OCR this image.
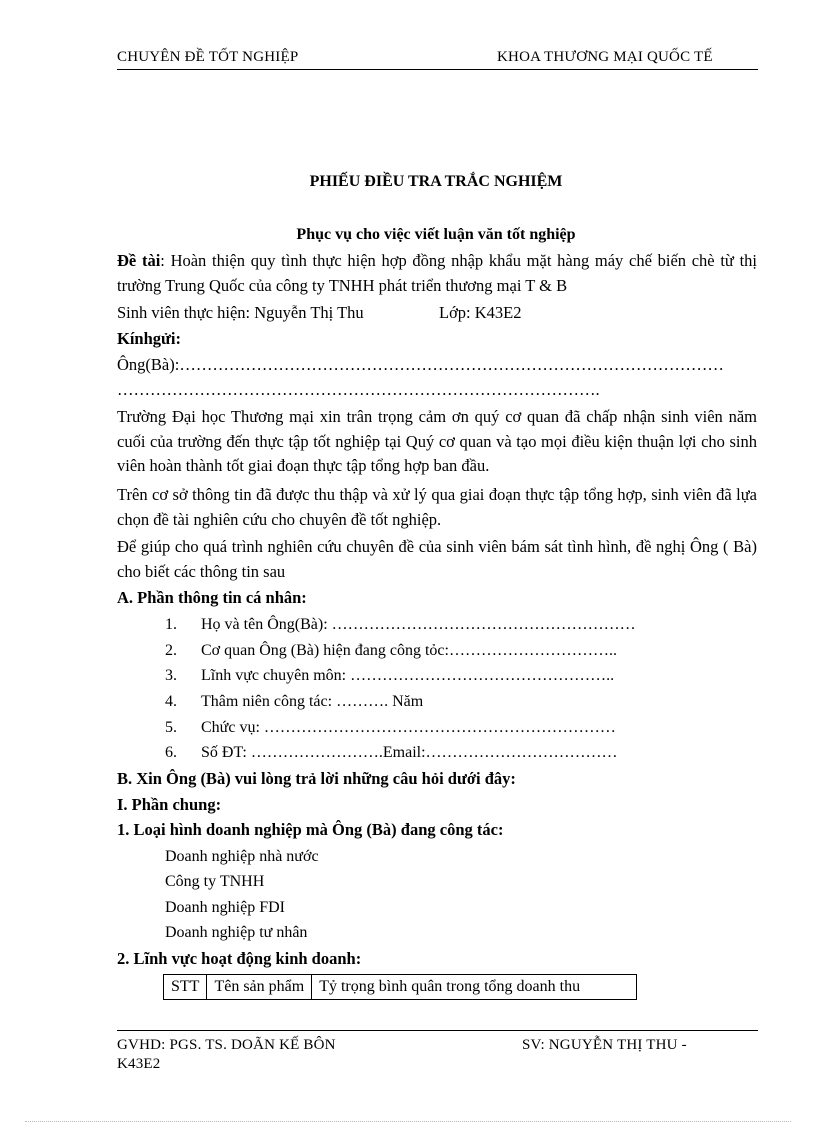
CHUYÊN ĐỀ TỐT NGHIỆP	KHOA THƯƠNG MẠI QUỐC TẾ
PHIẾU ĐIỀU TRA TRẮC NGHIỆM
Phục vụ cho việc viết luận văn tốt nghiệp
Đề tài: Hoàn thiện quy tình thực hiện hợp đồng nhập khẩu mặt hàng máy chế biến chè từ thị trường Trung Quốc của công ty TNHH phát triển thương mại T & B
Sinh viên thực hiện: Nguyễn Thị Thu	Lớp: K43E2
Kínhgửi:
Ông(Bà):………………………………………………………………………………………
…………………………………………………………………………….
Trường Đại học Thương mại xin trân trọng cảm ơn quý cơ quan đã chấp nhận sinh viên năm cuối của trường đến thực tập tốt nghiệp tại Quý cơ quan và tạo mọi điều kiện thuận lợi cho sinh viên hoàn thành tốt giai đoạn thực tập tổng hợp ban đầu.
Trên cơ sở thông tin đã được thu thập và xử lý qua giai đoạn thực tập tổng hợp, sinh viên đã lựa chọn đề tài nghiên cứu cho chuyên đề tốt nghiệp.
Để giúp cho quá trình nghiên cứu chuyên đề của sinh viên bám sát tình hình, đề nghị Ông ( Bà) cho biết các thông tin sau
A. Phần thông tin cá nhân:
1.	Họ và tên Ông(Bà): …………………………………………………
2.	Cơ quan Ông (Bà) hiện đang công tỏc:…………………………..
3.	Lĩnh vực chuyên môn: …………………………………………..
4.	Thâm niên công tác: ………. Năm
5.	Chức vụ: …………………………………………………………
6.	Số ĐT: …………………….Email:………………………………
B. Xin Ông (Bà) vui lòng trả lời những câu hỏi dưới đây:
I. Phần chung:
1. Loại hình doanh nghiệp mà Ông (Bà) đang công tác:
Doanh nghiệp nhà nước
Công ty TNHH
Doanh nghiệp FDI
Doanh nghiệp tư nhân
2. Lĩnh vực hoạt động kinh doanh:
STT	Tên sản phẩm	Tỷ trọng bình quân trong tổng doanh thu
GVHD: PGS. TS. DOÃN KẾ BÔN	SV: NGUYỄN THỊ THU -
K43E2
